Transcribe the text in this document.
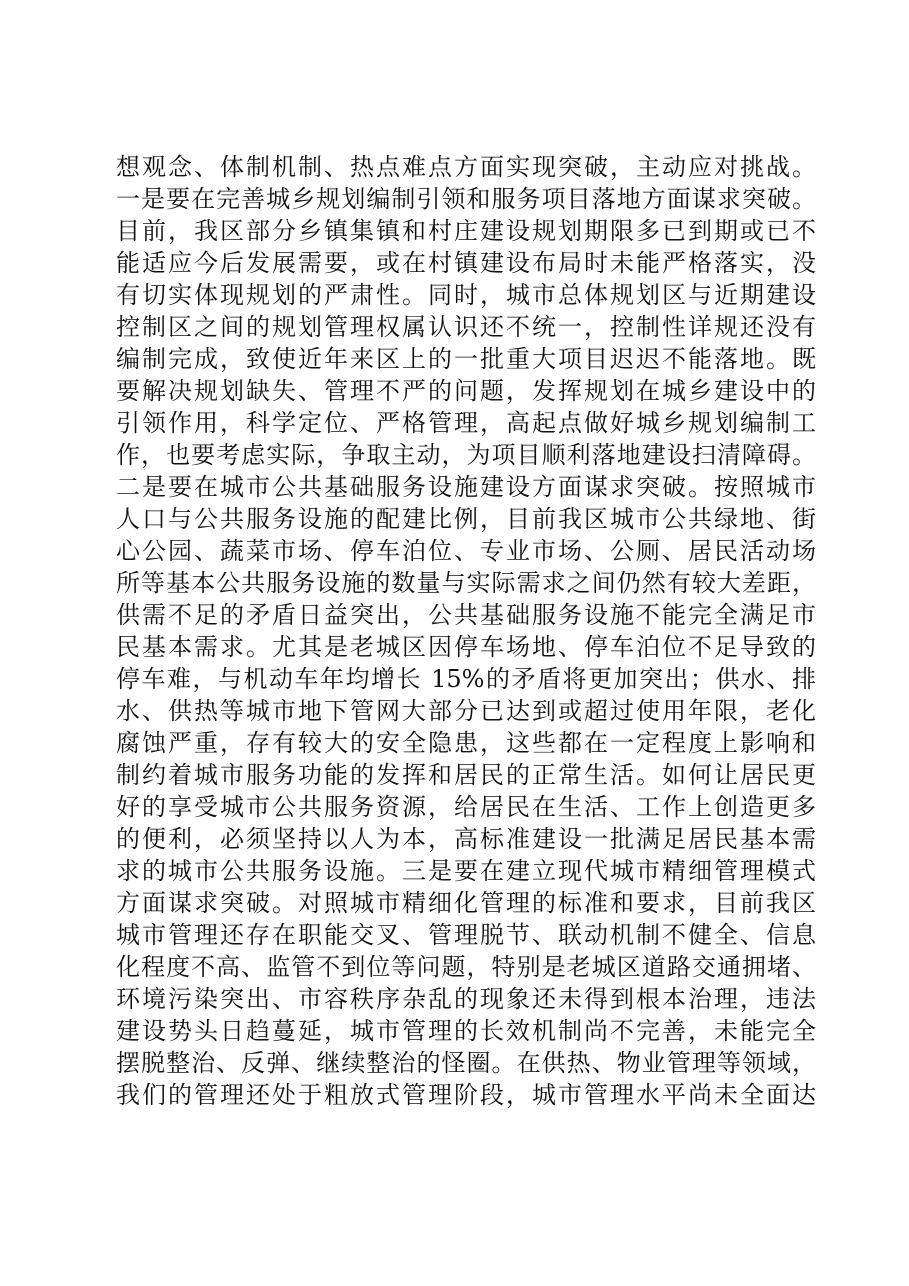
想观念、体制机制、热点难点方面实现突破，主动应对挑战。
一是要在完善城乡规划编制引领和服务项目落地方面谋求突破。
目前，我区部分乡镇集镇和村庄建设规划期限多已到期或已不
能适应今后发展需要，或在村镇建设布局时未能严格落实，没
有切实体现规划的严肃性。同时，城市总体规划区与近期建设
控制区之间的规划管理权属认识还不统一，控制性详规还没有
编制完成，致使近年来区上的一批重大项目迟迟不能落地。既
要解决规划缺失、管理不严的问题，发挥规划在城乡建设中的
引领作用，科学定位、严格管理，高起点做好城乡规划编制工
作，也要考虑实际，争取主动，为项目顺利落地建设扫清障碍。
二是要在城市公共基础服务设施建设方面谋求突破。按照城市
人口与公共服务设施的配建比例，目前我区城市公共绿地、街
心公园、蔬菜市场、停车泊位、专业市场、公厕、居民活动场
所等基本公共服务设施的数量与实际需求之间仍然有较大差距，
供需不足的矛盾日益突出，公共基础服务设施不能完全满足市
民基本需求。尤其是老城区因停车场地、停车泊位不足导致的
停车难，与机动车年均增长 15%的矛盾将更加突出；供水、排
水、供热等城市地下管网大部分已达到或超过使用年限，老化
腐蚀严重，存有较大的安全隐患，这些都在一定程度上影响和
制约着城市服务功能的发挥和居民的正常生活。如何让居民更
好的享受城市公共服务资源，给居民在生活、工作上创造更多
的便利，必须坚持以人为本，高标准建设一批满足居民基本需
求的城市公共服务设施。三是要在建立现代城市精细管理模式
方面谋求突破。对照城市精细化管理的标准和要求，目前我区
城市管理还存在职能交叉、管理脱节、联动机制不健全、信息
化程度不高、监管不到位等问题，特别是老城区道路交通拥堵、
环境污染突出、市容秩序杂乱的现象还未得到根本治理，违法
建设势头日趋蔓延，城市管理的长效机制尚不完善，未能完全
摆脱整治、反弹、继续整治的怪圈。在供热、物业管理等领域，
我们的管理还处于粗放式管理阶段，城市管理水平尚未全面达
